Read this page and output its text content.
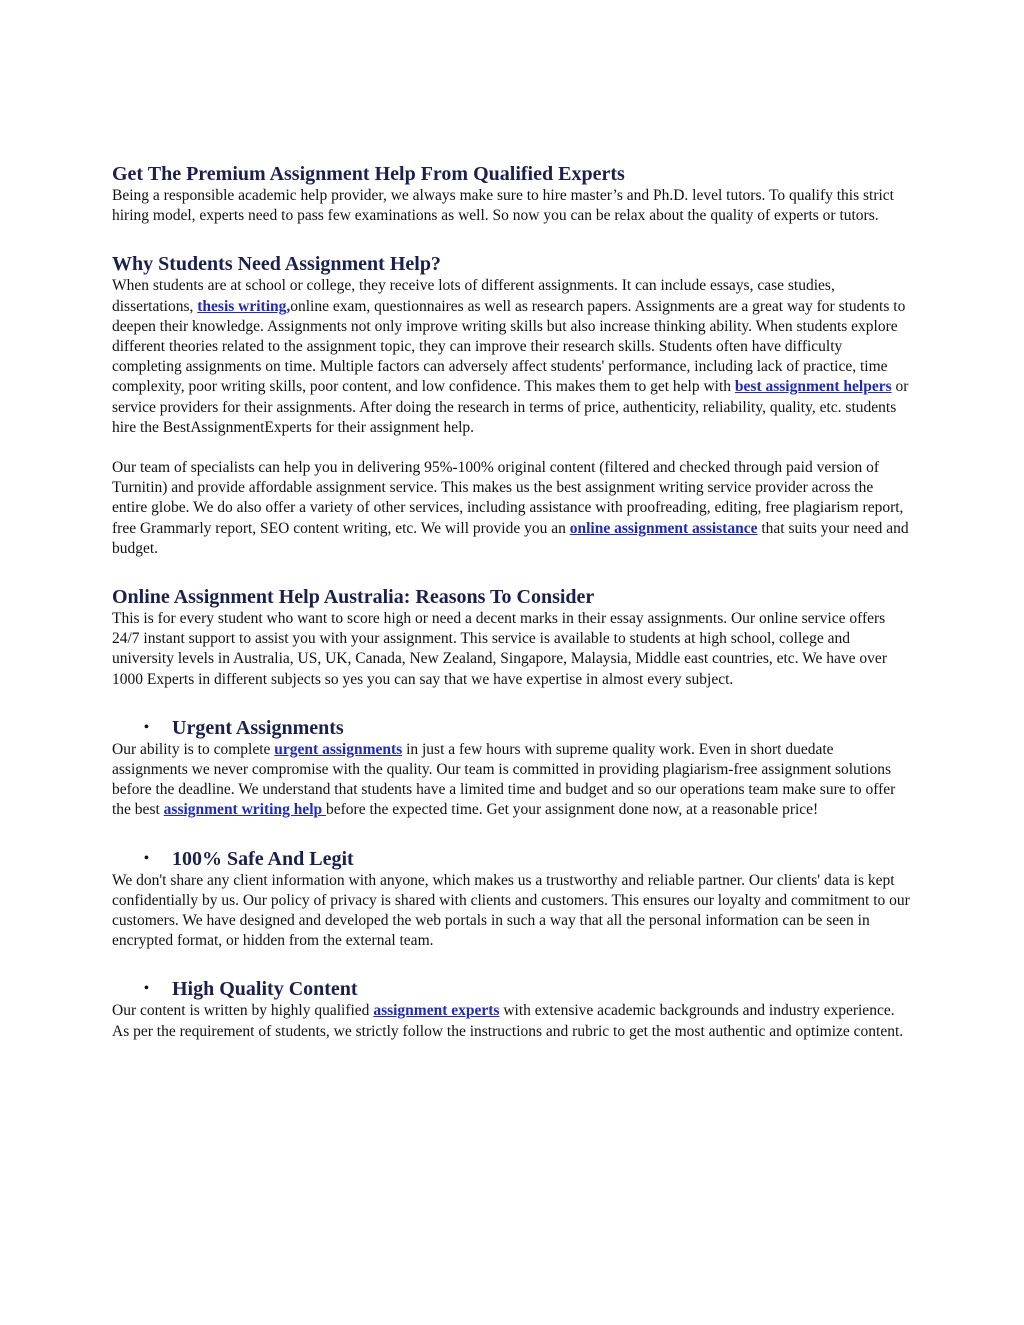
Get The Premium Assignment Help From Qualified Experts

Being a responsible academic help provider, we always make sure to hire master’s and Ph.D. level tutors. To qualify this strict hiring model, experts need to pass few examinations as well. So now you can be relax about the quality of experts or tutors.

Why Students Need Assignment Help?

When students are at school or college, they receive lots of different assignments. It can include essays, case studies, dissertations, thesis writing,online exam, questionnaires as well as research papers. Assignments are a great way for students to deepen their knowledge. Assignments not only improve writing skills but also increase thinking ability. When students explore different theories related to the assignment topic, they can improve their research skills. Students often have difficulty completing assignments on time. Multiple factors can adversely affect students' performance, including lack of practice, time complexity, poor writing skills, poor content, and low confidence. This makes them to get help with best assignment helpers or service providers for their assignments. After doing the research in terms of price, authenticity, reliability, quality, etc. students hire the BestAssignmentExperts for their assignment help.

Our team of specialists can help you in delivering 95%-100% original content (filtered and checked through paid version of Turnitin) and provide affordable assignment service. This makes us the best assignment writing service provider across the entire globe. We do also offer a variety of other services, including assistance with proofreading, editing, free plagiarism report, free Grammarly report, SEO content writing, etc. We will provide you an online assignment assistance that suits your need and budget.

Online Assignment Help Australia: Reasons To Consider

This is for every student who want to score high or need a decent marks in their essay assignments. Our online service offers 24/7 instant support to assist you with your assignment. This service is available to students at high school, college and university levels in Australia, US, UK, Canada, New Zealand, Singapore, Malaysia, Middle east countries, etc. We have over 1000 Experts in different subjects so yes you can say that we have expertise in almost every subject.

•	Urgent Assignments

Our ability is to complete urgent assignments in just a few hours with supreme quality work. Even in short duedate assignments we never compromise with the quality. Our team is committed in providing plagiarism-free assignment solutions before the deadline. We understand that students have a limited time and budget and so our operations team make sure to offer the best assignment writing help before the expected time. Get your assignment done now, at a reasonable price!

•	100% Safe And Legit

We don't share any client information with anyone, which makes us a trustworthy and reliable partner. Our clients' data is kept confidentially by us. Our policy of privacy is shared with clients and customers. This ensures our loyalty and commitment to our customers. We have designed and developed the web portals in such a way that all the personal information can be seen in encrypted format, or hidden from the external team.

•	High Quality Content

Our content is written by highly qualified assignment experts with extensive academic backgrounds and industry experience. As per the requirement of students, we strictly follow the instructions and rubric to get the most authentic and optimize content.
